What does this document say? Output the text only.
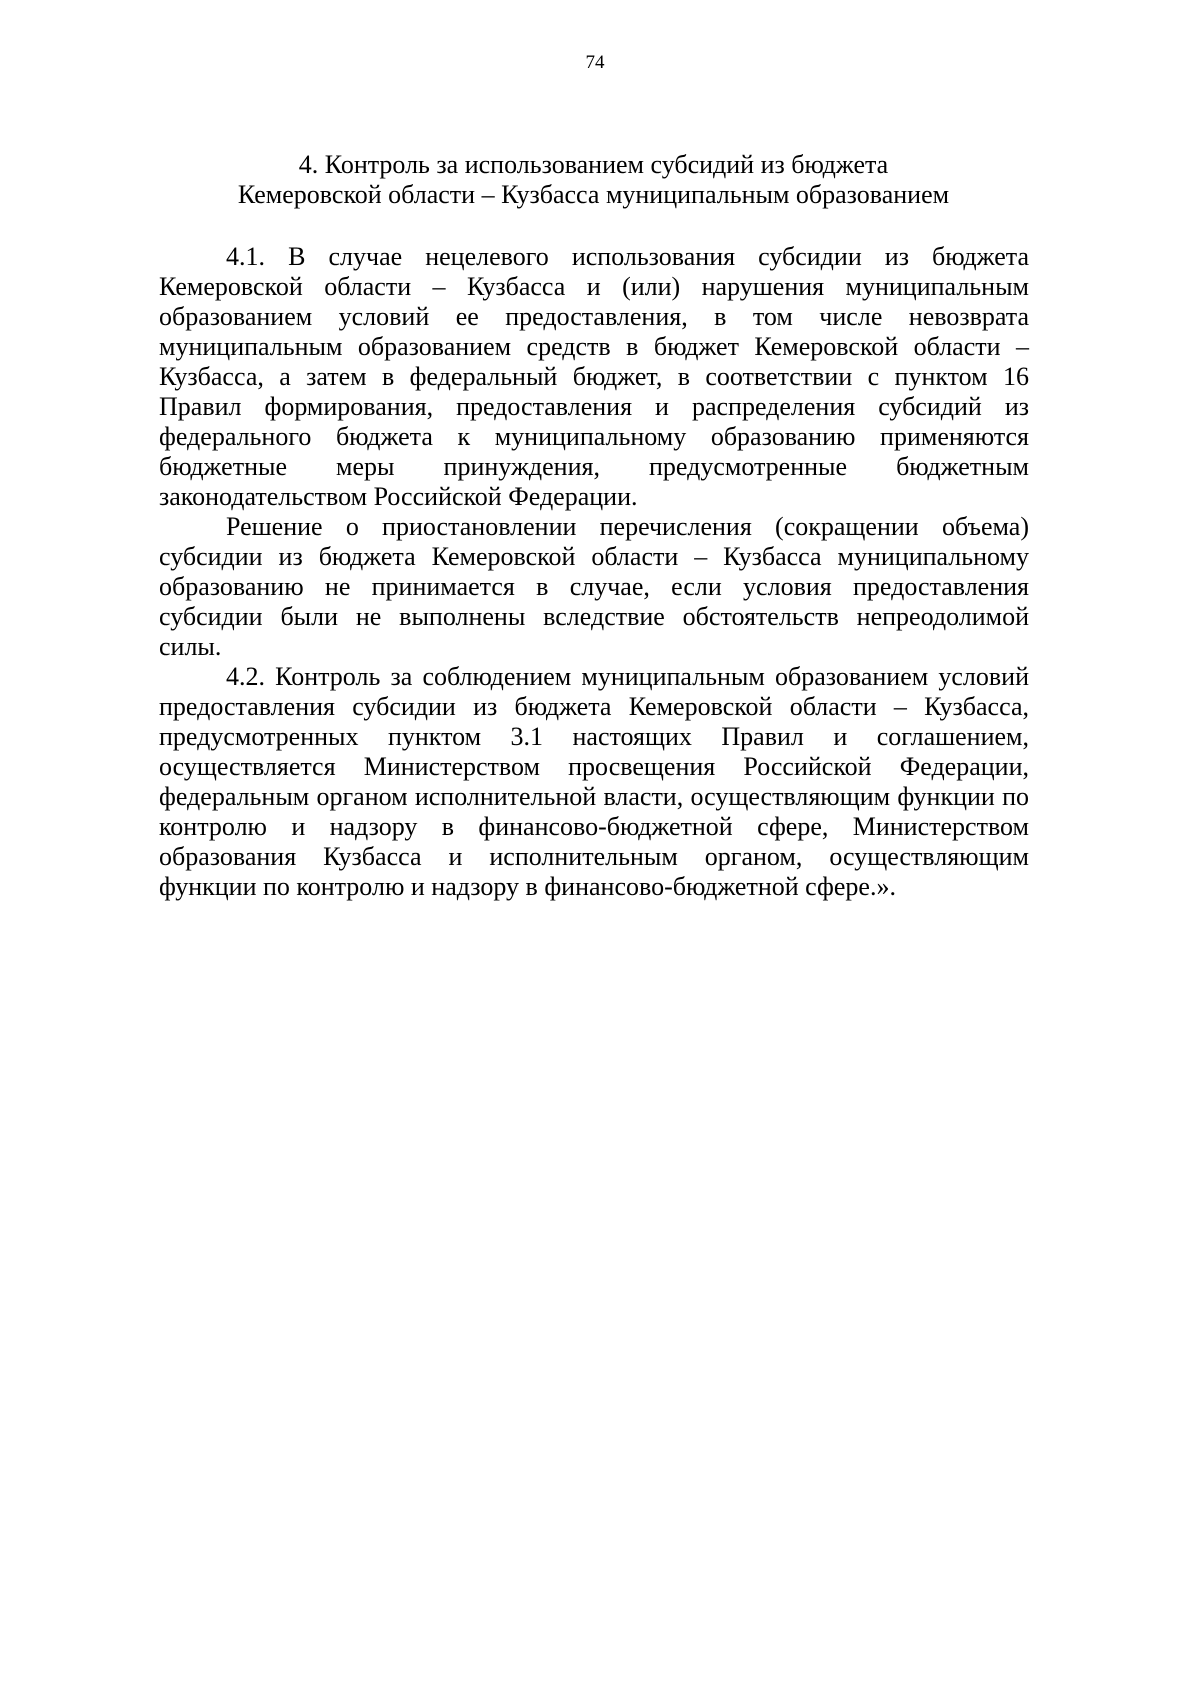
74
4. Контроль за использованием субсидий из бюджета
Кемеровской области – Кузбасса муниципальным образованием

4.1. В случае нецелевого использования субсидии из бюджета Кемеровской области – Кузбасса и (или) нарушения муниципальным образованием условий ее предоставления, в том числе невозврата муниципальным образованием средств в бюджет Кемеровской области – Кузбасса, а затем в федеральный бюджет, в соответствии с пунктом 16 Правил формирования, предоставления и распределения субсидий из федерального бюджета к муниципальному образованию применяются бюджетные меры принуждения, предусмотренные бюджетным законодательством Российской Федерации.

Решение о приостановлении перечисления (сокращении объема) субсидии из бюджета Кемеровской области – Кузбасса муниципальному образованию не принимается в случае, если условия предоставления субсидии были не выполнены вследствие обстоятельств непреодолимой силы.

4.2. Контроль за соблюдением муниципальным образованием условий предоставления субсидии из бюджета Кемеровской области – Кузбасса, предусмотренных пунктом 3.1 настоящих Правил и соглашением, осуществляется Министерством просвещения Российской Федерации, федеральным органом исполнительной власти, осуществляющим функции по контролю и надзору в финансово-бюджетной сфере, Министерством образования Кузбасса и исполнительным органом, осуществляющим функции по контролю и надзору в финансово-бюджетной сфере.».
